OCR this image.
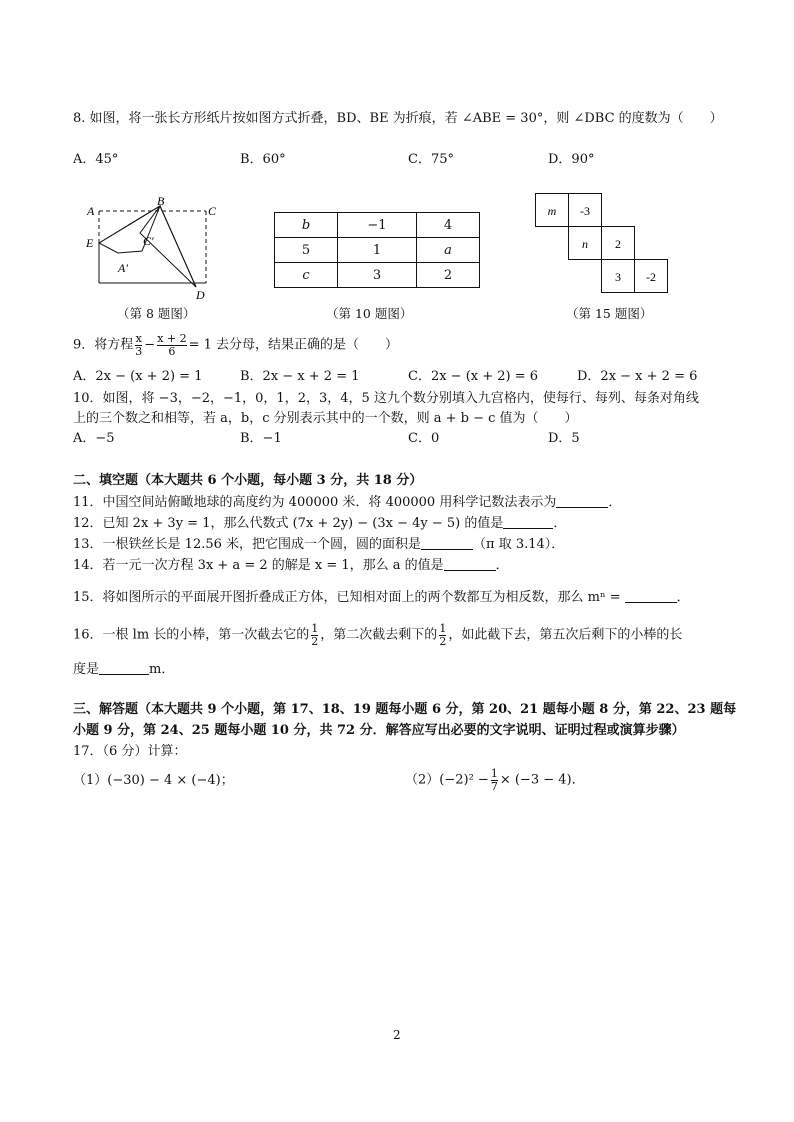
8. 如图，将一张长方形纸片按如图方式折叠，BD、BE 为折痕，若 ∠ABE = 30°，则 ∠DBC 的度数为（　　）
A．45°	B．60°	C．75°	D．90°
A
B
C
E	C′
A′
D
（第 8 题图）
b	−1	4
5	1	a
c	3	2
（第 10 题图）
m -3
n 2
3 -2
（第 15 题图）
9．将方程 $\frac{x}{3} - \frac{x + 2}{6} = 1$ 去分母，结果正确的是（　　）
A．2x − (x + 2) = 1	B．2x − x + 2 = 1	C．2x − (x + 2) = 6	D．2x − x + 2 = 6
10．如图，将 −3，−2，−1，0，1，2，3，4，5 这九个数分别填入九宫格内，使每行、每列、每条对角线
上的三个数之和相等，若 a，b，c 分别表示其中的一个数，则 a + b − c 值为（　　）
A．−5	B．−1	C．0	D．5
二、填空题（本大题共 6 个小题，每小题 3 分，共 18 分）
11．中国空间站俯瞰地球的高度约为 400000 米．将 400000 用科学记数法表示为	．
12．已知 2x + 3y = 1，那么代数式 (7x + 2y) − (3x − 4y − 5) 的值是	．
13．一根铁丝长是 12.56 米，把它围成一个圆，圆的面积是	（π 取 3.14）．
14．若一元一次方程 3x + a = 2 的解是 x = 1，那么 a 的值是	．
15．将如图所示的平面展开图折叠成正方体，已知相对面上的两个数都互为相反数，那么 mⁿ =	．
16．一根 lm 长的小棒，第一次截去它的 $\frac{1}{2}$ ，第二次截去剩下的 $\frac{1}{2}$ ，如此截下去，第五次后剩下的小棒的长
度是	m．
三、解答题（本大题共 9 个小题，第 17、18、19 题每小题 6 分，第 20、21 题每小题 8 分，第 22、23 题每
小题 9 分，第 24、25 题每小题 10 分，共 72 分．解答应写出必要的文字说明、证明过程或演算步骤）
17．（6 分）计算：
（1）(−30) − 4 × (−4)；	$(2)(-2)^2 - \frac{1}{7} \times (-3 - 4)$．
2
